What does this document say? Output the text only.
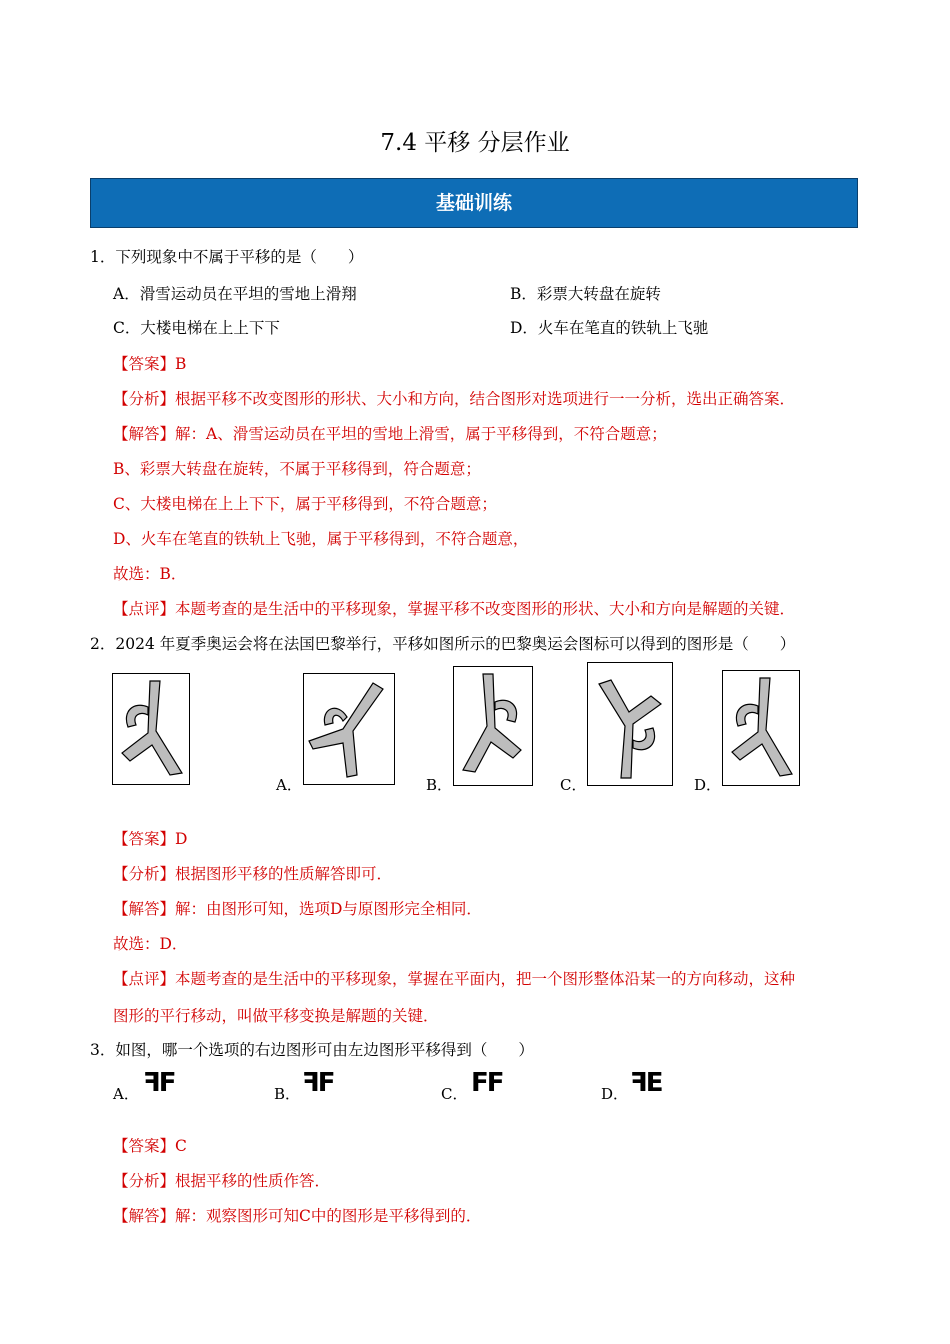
7.4 平移 分层作业
基础训练
1．下列现象中不属于平移的是（　　）
A．滑雪运动员在平坦的雪地上滑翔	B．彩票大转盘在旋转
C．大楼电梯在上上下下	D．火车在笔直的铁轨上飞驰
【答案】B
【分析】根据平移不改变图形的形状、大小和方向，结合图形对选项进行一一分析，选出正确答案．
【解答】解：A、滑雪运动员在平坦的雪地上滑雪，属于平移得到，不符合题意；
B、彩票大转盘在旋转，不属于平移得到，符合题意；
C、大楼电梯在上上下下，属于平移得到，不符合题意；
D、火车在笔直的铁轨上飞驰，属于平移得到，不符合题意，
故选：B．
【点评】本题考查的是生活中的平移现象，掌握平移不改变图形的形状、大小和方向是解题的关键．
2．2024 年夏季奥运会将在法国巴黎举行，平移如图所示的巴黎奥运会图标可以得到的图形是（　　）
A．	B．	C．	D．
【答案】D
【分析】根据图形平移的性质解答即可．
【解答】解：由图形可知，选项D与原图形完全相同．
故选：D．
【点评】本题考查的是生活中的平移现象，掌握在平面内，把一个图形整体沿某一的方向移动，这种
图形的平行移动，叫做平移变换是解题的关键．
3．如图，哪一个选项的右边图形可由左边图形平移得到（　　）
A． ꟻF	B． ꟻF	C． FF	D． ꟻE
【答案】C
【分析】根据平移的性质作答．
【解答】解：观察图形可知C中的图形是平移得到的．
